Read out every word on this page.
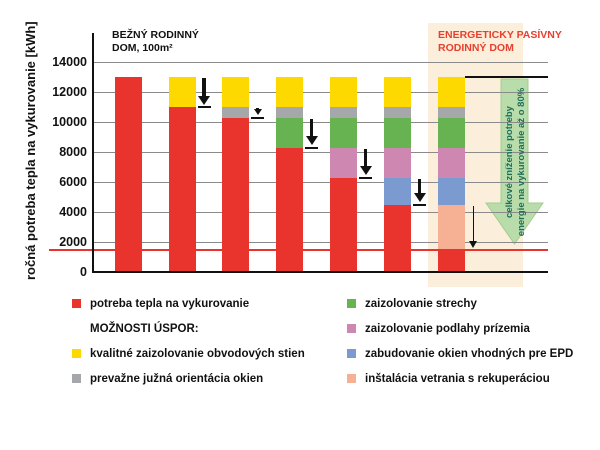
0
2000
4000
6000
8000
10000
12000
14000
ročná potreba tepla na vykurovanie [kWh]	BEŽNÝ RODINNÝ
DOM, 100m²
ENERGETICKY PASÍVNY
RODINNÝ DOM
celkové zníženie potreby energie na vykurovanie až o 80%
potreba tepla na vykurovanie
MOŽNOSTI ÚSPOR:
kvalitné zaizolovanie obvodových stien
prevažne južná orientácia okien
zaizolovanie strechy
zaizolovanie podlahy prízemia
zabudovanie okien vhodných pre EPD
inštalácia vetrania s rekuperáciou
